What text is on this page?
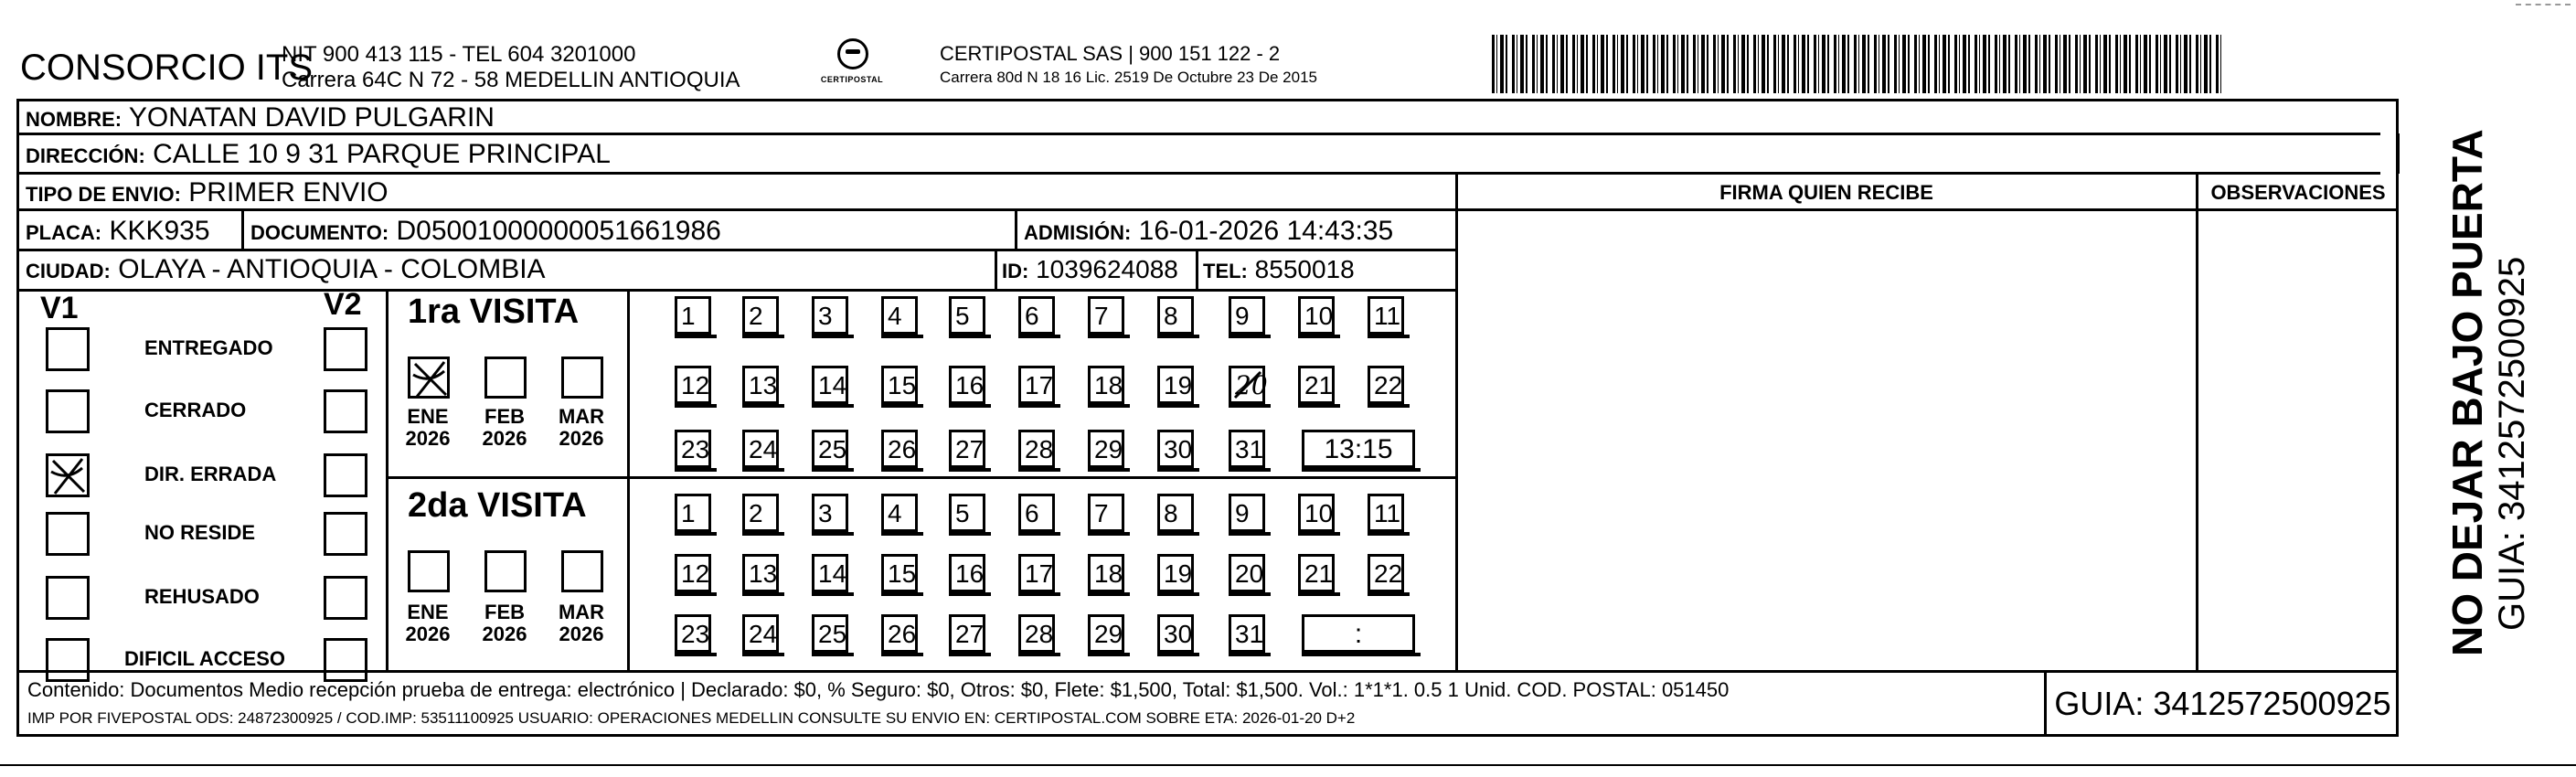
CONSORCIO ITS
NIT 900 413 115 - TEL 604 3201000
Carrera 64C N 72 - 58 MEDELLIN ANTIOQUIA	CERTIPOSTAL
CERTIPOSTAL SAS | 900 151 122 - 2
Carrera 80d N 18 16 Lic. 2519 De Octubre 23 De 2015
NOMBRE: YONATAN DAVID PULGARIN
DIRECCIÓN: CALLE 10 9 31 PARQUE PRINCIPAL
TIPO DE ENVIO: PRIMER ENVIO	FIRMA QUIEN RECIBE	OBSERVACIONES
PLACA: KKK935 DOCUMENTO: D05001000000051661986	ADMISIÓN: 16-01-2026 14:43:35
CIUDAD: OLAYA - ANTIOQUIA - COLOMBIA	ID: 1039624088 TEL: 8550018
V1	V2
ENTREGADO
CERRADO
DIR. ERRADA
NO RESIDE
REHUSADO
DIFICIL ACCESO
1ra VISITA
2da VISITA
ENE
2026
FEB
2026
MAR
2026
ENE
2026
FEB
2026
MAR
2026
1	2	3	4	5	6	7	8	9	10 11
12 13 14 15 16 17 18 19 20 21 22
23 24 25 26 27 28 29 30 31	13:15
1	2	3	4	5	6	7	8	9	10 11
12 13 14 15 16 17 18 19 20 21 22
23 24 25 26 27 28 29 30 31	:
Contenido: Documentos Medio recepción prueba de entrega: electrónico | Declarado: $0, % Seguro: $0, Otros: $0, Flete: $1,500, Total: $1,500. Vol.: 1*1*1. 0.5 1 Unid. COD. POSTAL: 051450
IMP POR FIVEPOSTAL ODS: 24872300925 / COD.IMP: 53511100925 USUARIO: OPERACIONES MEDELLIN CONSULTE SU ENVIO EN: CERTIPOSTAL.COM SOBRE ETA: 2026-01-20 D+2	GUIA: 3412572500925
NO DEJAR BAJO PUERTA GUIA: 3412572500925
